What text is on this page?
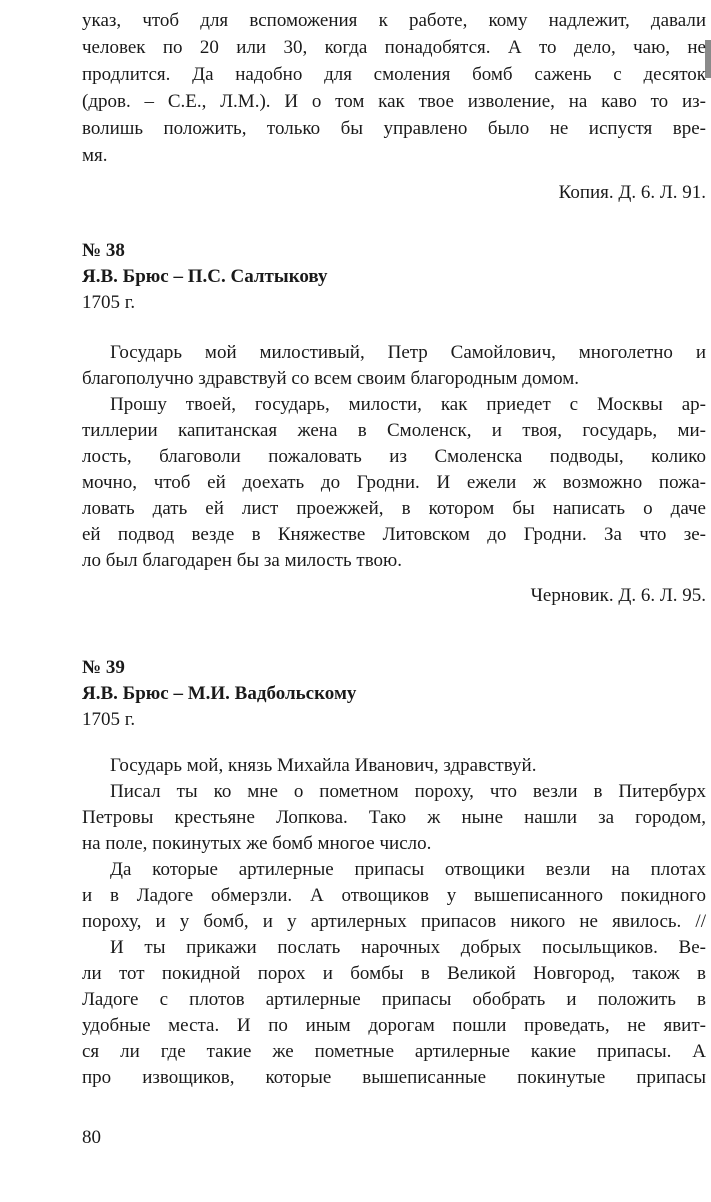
указ, чтоб для вспоможения к работе, кому надлежит, давали
человек по 20 или 30, когда понадобятся. А то дело, чаю, не
продлится. Да надобно для смоления бомб сажень с десяток
(дров. – С.Е., Л.М.). И о том как твое изволение, на каво то из-
волишь положить, только бы управлено было не испустя вре-
мя.
Копия. Д. 6. Л. 91.
№ 38
Я.В. Брюс – П.С. Салтыкову
1705 г.
Государь мой милостивый, Петр Самойлович, многолетно и
благополучно здравствуй со всем своим благородным домом.
Прошу твоей, государь, милости, как приедет с Москвы ар-
тиллерии капитанская жена в Смоленск, и твоя, государь, ми-
лость, благоволи пожаловать из Смоленска подводы, колико
мочно, чтоб ей доехать до Гродни. И ежели ж возможно пожа-
ловать дать ей лист проежжей, в котором бы написать о даче
ей подвод везде в Княжестве Литовском до Гродни. За что зе-
ло был благодарен бы за милость твою.
Черновик. Д. 6. Л. 95.
№ 39
Я.В. Брюс – М.И. Вадбольскому
1705 г.
Государь мой, князь Михайла Иванович, здравствуй.
Писал ты ко мне о пометном пороху, что везли в Питербурх
Петровы крестьяне Лопкова. Тако ж ныне нашли за городом,
на поле, покинутых же бомб многое число.
Да которые артилерные припасы отвощики везли на плотах
и в Ладоге обмерзли. А отвощиков у вышеписанного покидного
пороху, и у бомб, и у артилерных припасов никого не явилось. //
И ты прикажи послать нарочных добрых посыльщиков. Ве-
ли тот покидной порох и бомбы в Великой Новгород, також в
Ладоге с плотов артилерные припасы обобрать и положить в
удобные места. И по иным дорогам пошли проведать, не явит-
ся ли где такие же пометные артилерные какие припасы. А
про извощиков, которые вышеписанные покинутые припасы
80
